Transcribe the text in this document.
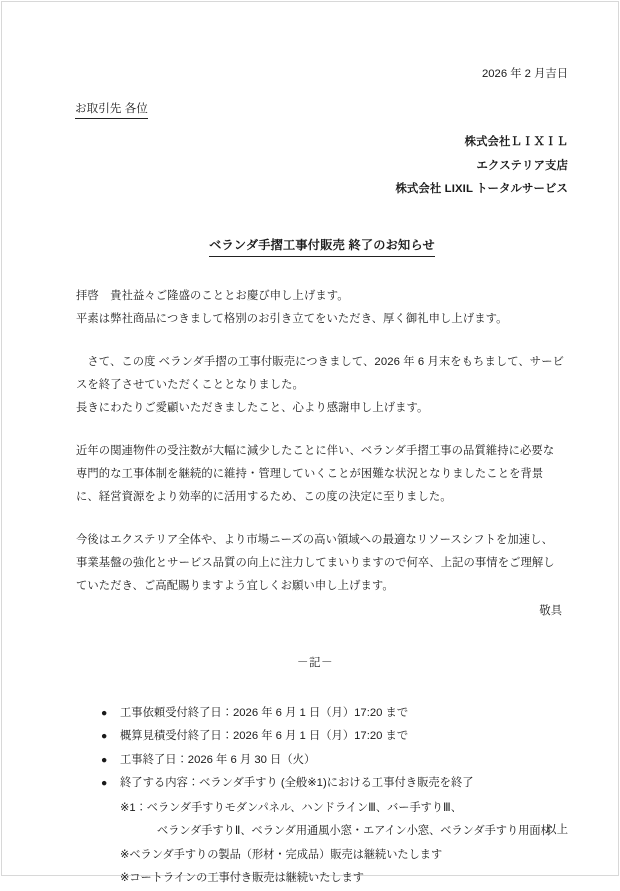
2026 年 2 月吉日
お取引先 各位
株式会社ＬＩＸＩＬ
エクステリア支店
株式会社 LIXIL トータルサービス
ベランダ手摺工事付販売 終了のお知らせ
拝啓　貴社益々ご隆盛のこととお慶び申し上げます。
平素は弊社商品につきまして格別のお引き立てをいただき、厚く御礼申し上げます。
　さて、この度 ベランダ手摺の工事付販売につきまして、2026 年 6 月末をもちまして、サービ
スを終了させていただくこととなりました。
長きにわたりご愛顧いただきましたこと、心より感謝申し上げます。
近年の関連物件の受注数が大幅に減少したことに伴い、ベランダ手摺工事の品質維持に必要な
専門的な工事体制を継続的に維持・管理していくことが困難な状況となりましたことを背景
に、経営資源をより効率的に活用するため、この度の決定に至りました。
今後はエクステリア全体や、より市場ニーズの高い領域への最適なリソースシフトを加速し、
事業基盤の強化とサービス品質の向上に注力してまいりますので何卒、上記の事情をご理解し
ていただき、ご高配賜りますよう宜しくお願い申し上げます。
敬具
－記－
●	工事依頼受付終了日：2026 年 6 月 1 日（月）17:20 まで
●	概算見積受付終了日：2026 年 6 月 1 日（月）17:20 まで
●	工事終了日：2026 年 6 月 30 日（火）
●	終了する内容：ベランダ手すり (全般※1)における工事付き販売を終了
※1：ベランダ手すりモダンパネル、ハンドラインⅢ、バー手すりⅢ、
ベランダ手すりⅡ、ベランダ用通風小窓・エアイン小窓、ベランダ手すり用面材
※ベランダ手すりの製品（形材・完成品）販売は継続いたします
※コートラインの工事付き販売は継続いたします
以上
